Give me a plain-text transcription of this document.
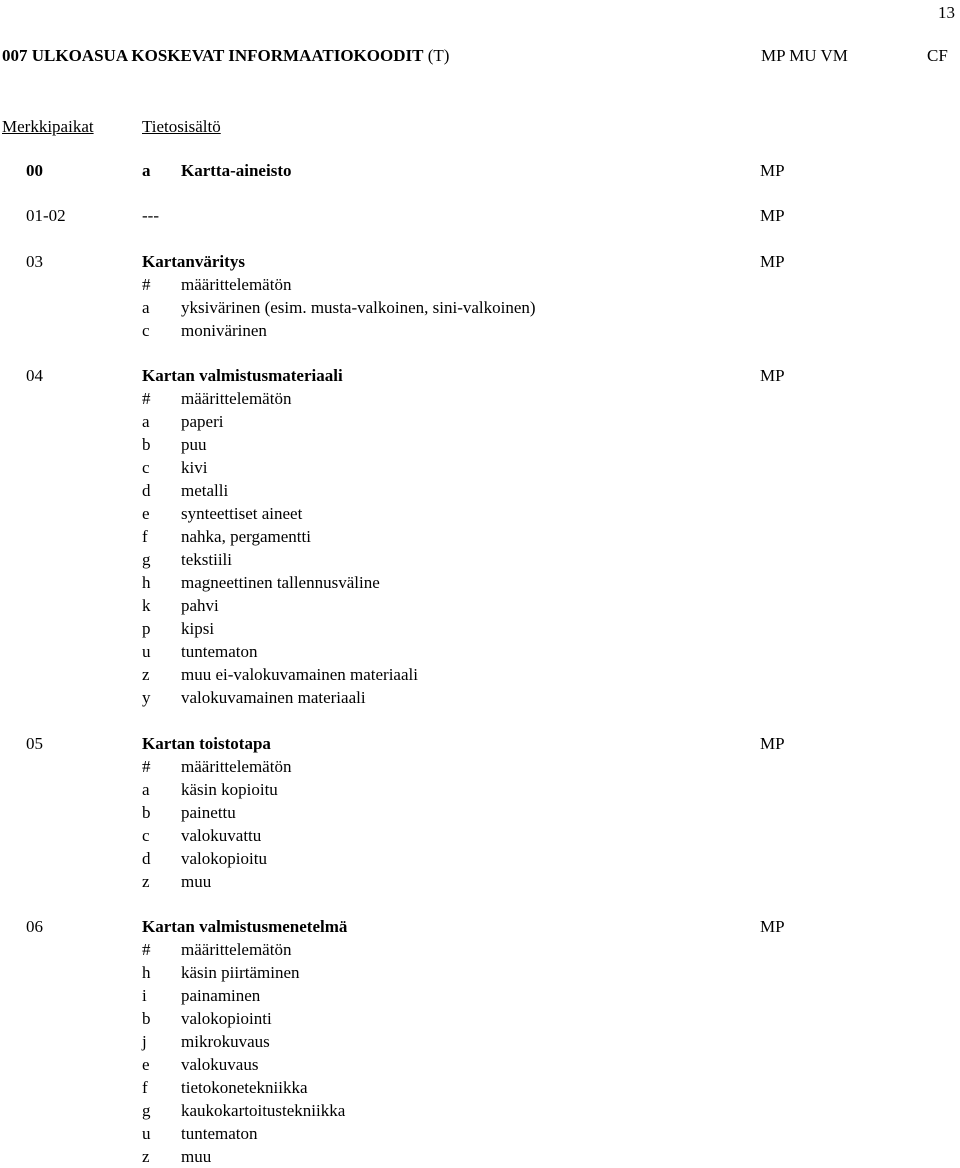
13
007 ULKOASUA KOSKEVAT INFORMAATIOKOODIT (T)	MP MU VM	CF
Merkkipaikat	Tietosisältö
00	a Kartta-aineisto	MP
01-02	---	MP
03	Kartanväritys	MP
# määrittelemätön
a yksivärinen (esim. musta-valkoinen, sini-valkoinen)
c monivärinen
04	Kartan valmistusmateriaali	MP
# määrittelemätön
a paperi
b puu
c kivi
d metalli
e synteettiset aineet
f nahka, pergamentti
g tekstiili
h magneettinen tallennusväline
k pahvi
p kipsi
u tuntematon
z muu ei-valokuvamainen materiaali
y valokuvamainen materiaali
05	Kartan toistotapa	MP
# määrittelemätön
a käsin kopioitu
b painettu
c valokuvattu
d valokopioitu
z muu
06	Kartan valmistusmenetelmä	MP
# määrittelemätön
h käsin piirtäminen
i painaminen
b valokopiointi
j mikrokuvaus
e valokuvaus
f tietokonetekniikka
g kaukokartoitustekniikka
u tuntematon
z muu
